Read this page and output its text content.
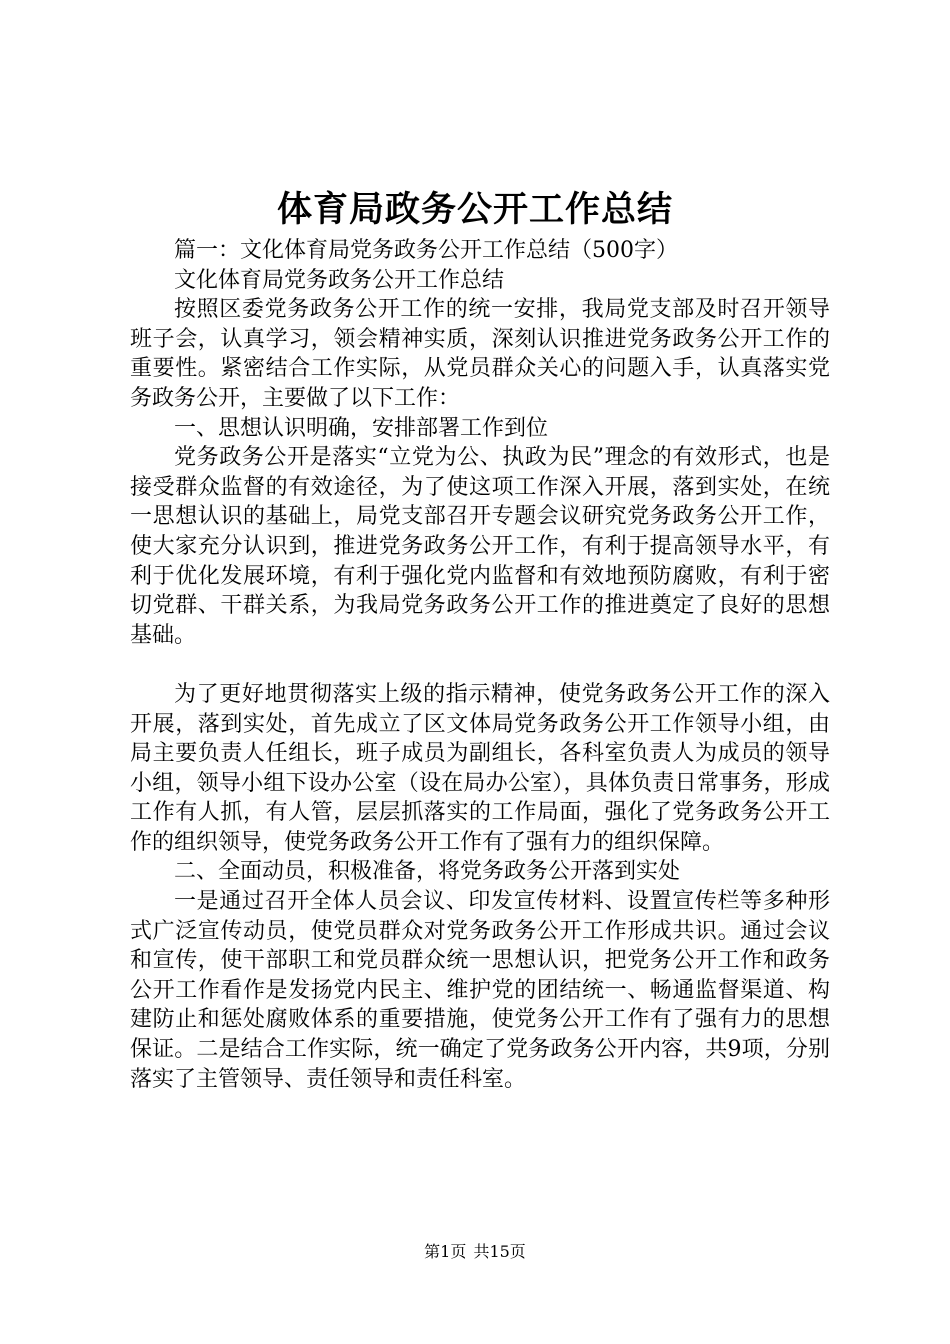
体育局政务公开工作总结

篇一：文化体育局党务政务公开工作总结（500字）

文化体育局党务政务公开工作总结

按照区委党务政务公开工作的统一安排，我局党支部及时召开领导班子会，认真学习，领会精神实质，深刻认识推进党务政务公开工作的重要性。紧密结合工作实际，从党员群众关心的问题入手，认真落实党务政务公开，主要做了以下工作：

一、思想认识明确，安排部署工作到位

党务政务公开是落实“立党为公、执政为民”理念的有效形式，也是接受群众监督的有效途径，为了使这项工作深入开展，落到实处，在统一思想认识的基础上，局党支部召开专题会议研究党务政务公开工作，使大家充分认识到，推进党务政务公开工作，有利于提高领导水平，有利于优化发展环境，有利于强化党内监督和有效地预防腐败，有利于密切党群、干群关系，为我局党务政务公开工作的推进奠定了良好的思想基础。

为了更好地贯彻落实上级的指示精神，使党务政务公开工作的深入开展，落到实处，首先成立了区文体局党务政务公开工作领导小组，由局主要负责人任组长，班子成员为副组长，各科室负责人为成员的领导小组，领导小组下设办公室（设在局办公室），具体负责日常事务，形成工作有人抓，有人管，层层抓落实的工作局面，强化了党务政务公开工作的组织领导，使党务政务公开工作有了强有力的组织保障。

二、全面动员，积极准备，将党务政务公开落到实处

一是通过召开全体人员会议、印发宣传材料、设置宣传栏等多种形式广泛宣传动员，使党员群众对党务政务公开工作形成共识。通过会议和宣传，使干部职工和党员群众统一思想认识，把党务公开工作和政务公开工作看作是发扬党内民主、维护党的团结统一、畅通监督渠道、构建防止和惩处腐败体系的重要措施，使党务公开工作有了强有力的思想保证。二是结合工作实际，统一确定了党务政务公开内容，共9项，分别落实了主管领导、责任领导和责任科室。

第1页 共15页
